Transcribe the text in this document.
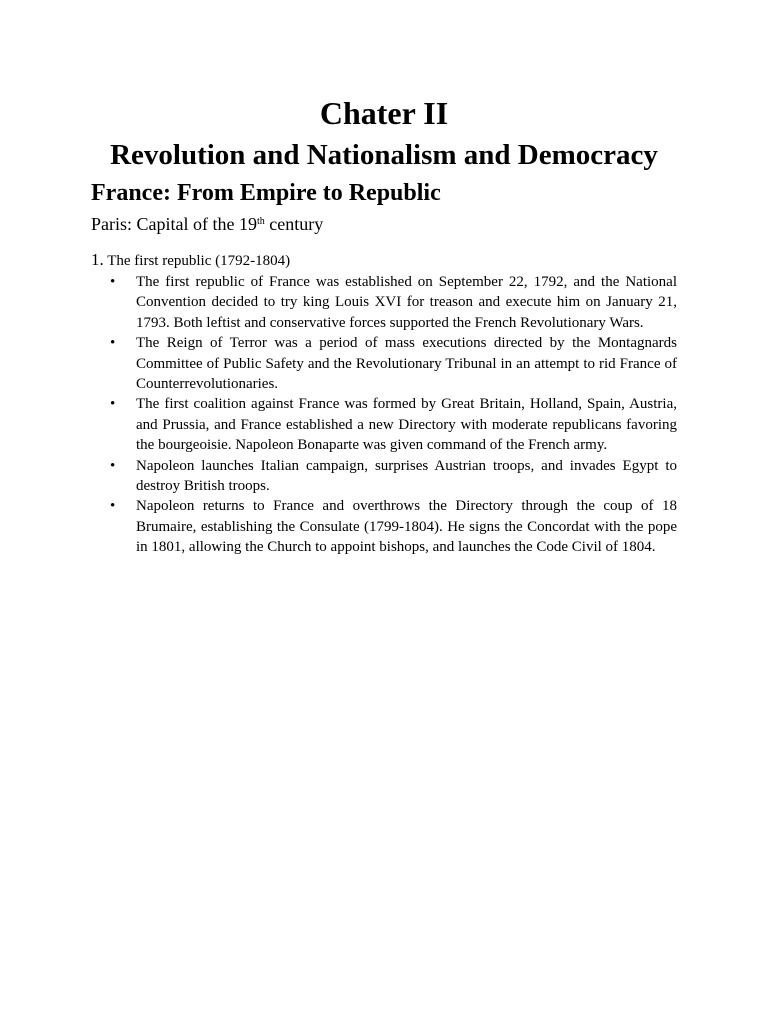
Chater II
Revolution and Nationalism and Democracy
France: From Empire to Republic

Paris: Capital of the 19th century

1. The first republic (1792-1804)

• The first republic of France was established on September 22, 1792, and the National Convention decided to try king Louis XVI for treason and execute him on January 21, 1793. Both leftist and conservative forces supported the French Revolutionary Wars.
• The Reign of Terror was a period of mass executions directed by the Montagnards Committee of Public Safety and the Revolutionary Tribunal in an attempt to rid France of Counterrevolutionaries.
• The first coalition against France was formed by Great Britain, Holland, Spain, Austria, and Prussia, and France established a new Directory with moderate republicans favoring the bourgeoisie. Napoleon Bonaparte was given command of the French army.
• Napoleon launches Italian campaign, surprises Austrian troops, and invades Egypt to destroy British troops.
• Napoleon returns to France and overthrows the Directory through the coup of 18 Brumaire, establishing the Consulate (1799-1804). He signs the Concordat with the pope in 1801, allowing the Church to appoint bishops, and launches the Code Civil of 1804.
